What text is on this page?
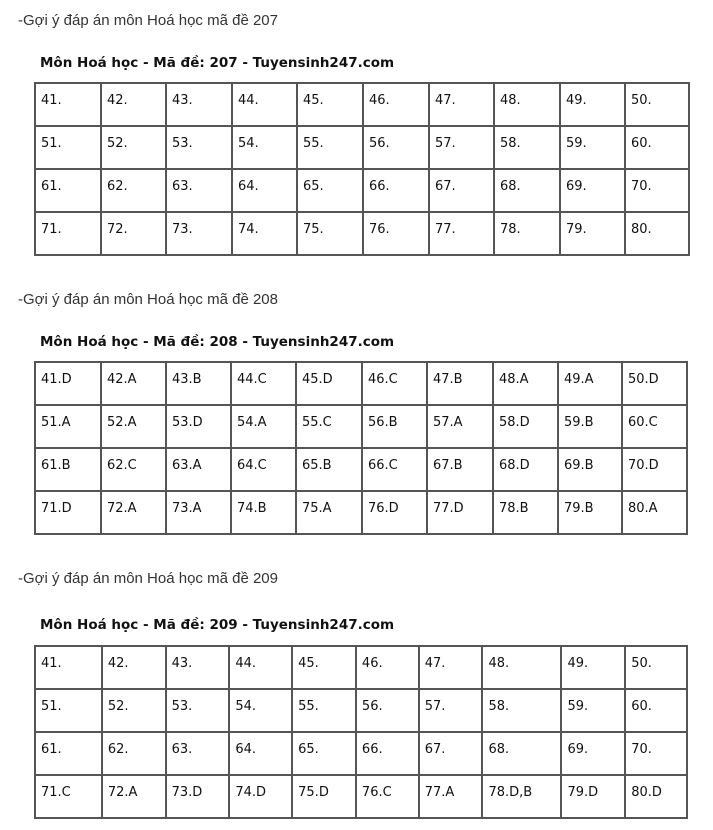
-Gợi ý đáp án môn Hoá học mã đề 207
Môn Hoá học - Mã đề: 207 - Tuyensinh247.com
41.	42.	43.	44.	45.	46.	47.	48.	49.	50.

51.	52.	53.	54.	55.	56.	57.	58.	59.	60.

61.	62.	63.	64.	65.	66.	67.	68.	69.	70.

71.	72.	73.	74.	75.	76.	77.	78.	79.	80.
-Gợi ý đáp án môn Hoá học mã đề 208
Môn Hoá học - Mã đề: 208 - Tuyensinh247.com
41.D	42.A	43.B	44.C	45.D	46.C	47.B	48.A	49.A	50.D

51.A	52.A	53.D	54.A	55.C	56.B	57.A	58.D	59.B	60.C

61.B	62.C	63.A	64.C	65.B	66.C	67.B	68.D	69.B	70.D

71.D	72.A	73.A	74.B	75.A	76.D	77.D	78.B	79.B	80.A
-Gợi ý đáp án môn Hoá học mã đề 209
Môn Hoá học - Mã đề: 209 - Tuyensinh247.com
41.	42.	43.	44.	45.	46.	47.	48.	49.	50.

51.	52.	53.	54.	55.	56.	57.	58.	59.	60.

61.	62.	63.	64.	65.	66.	67.	68.	69.	70.

71.C	72.A	73.D	74.D	75.D	76.C	77.A	78.D,B	79.D	80.D
